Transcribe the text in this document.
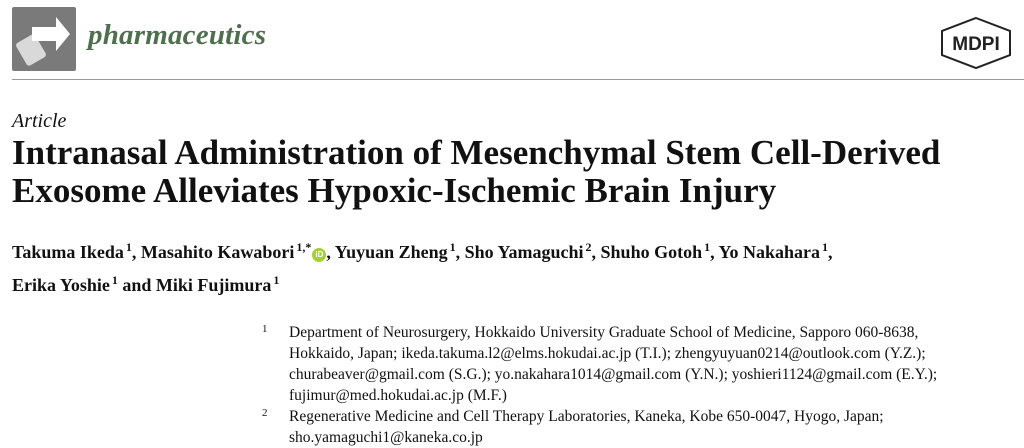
pharmaceutics	MDPI
Article
Intranasal Administration of Mesenchymal Stem Cell-Derived
Exosome Alleviates Hypoxic-Ischemic Brain Injury
Takuma Ikeda $^1$, Masahito Kawabori $^{1,*}$iD , Yuyuan Zheng $^1$, Sho Yamaguchi $^2$, Shuho Gotoh $^1$, Yo Nakahara $^1$,
Erika Yoshie $^1$ and Miki Fujimura $^1$
1 Department of Neurosurgery, Hokkaido University Graduate School of Medicine, Sapporo 060-8638,
Hokkaido, Japan; ikeda.takuma.l2@elms.hokudai.ac.jp (T.I.); zhengyuyuan0214@outlook.com (Y.Z.);
churabeaver@gmail.com (S.G.); yo.nakahara1014@gmail.com (Y.N.); yoshieri1124@gmail.com (E.Y.);
fujimur@med.hokudai.ac.jp (M.F.)
2 Regenerative Medicine and Cell Therapy Laboratories, Kaneka, Kobe 650-0047, Hyogo, Japan;
sho.yamaguchi1@kaneka.co.jp
